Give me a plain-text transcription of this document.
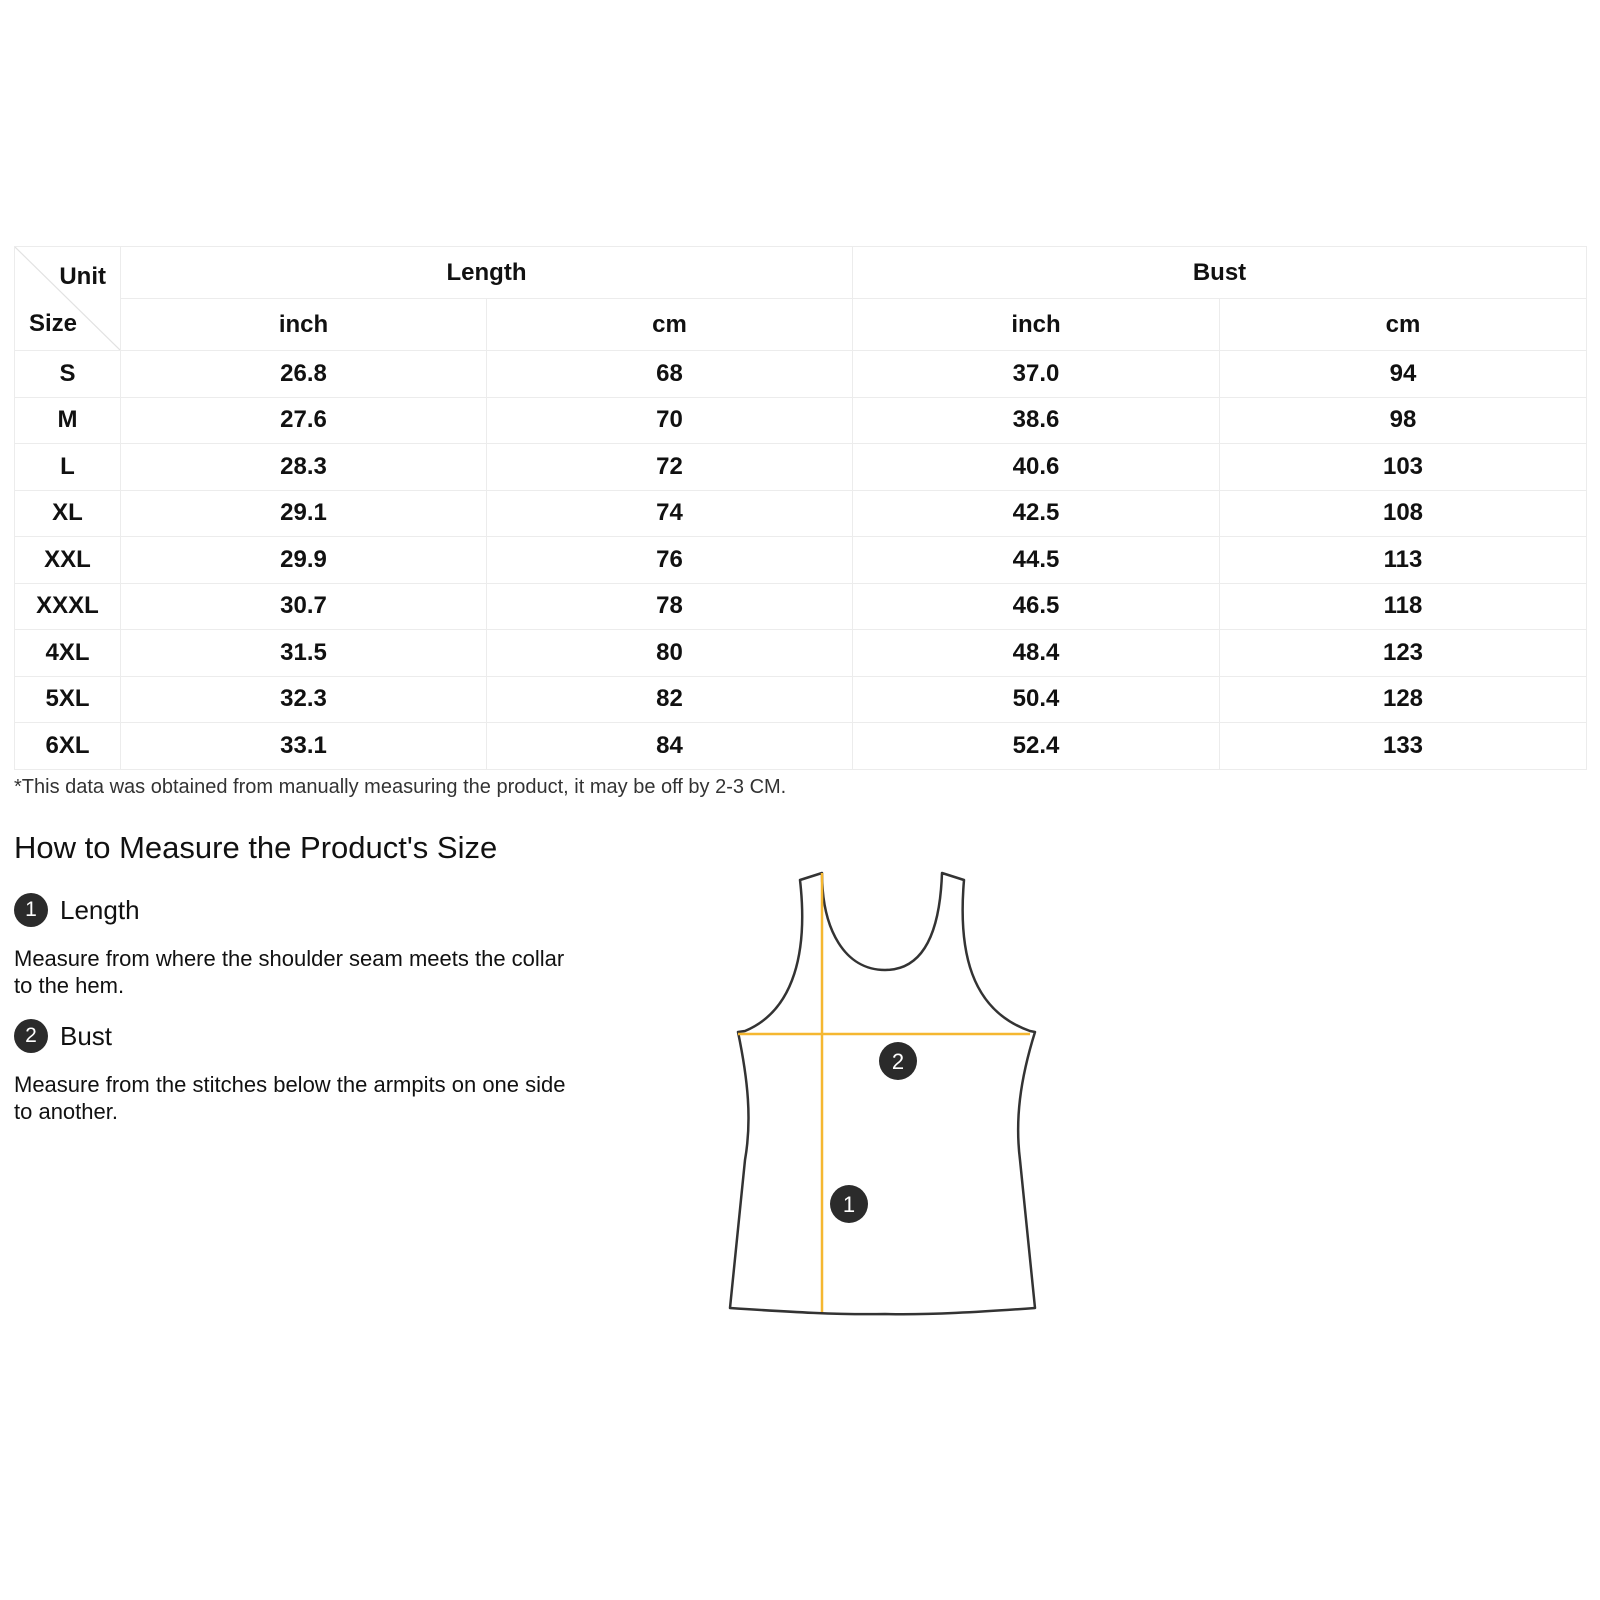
Unit
Size	Length		Bust	
	inch	cm	inch	cm
S	26.8	68	37.0	94
M	27.6	70	38.6	98
L	28.3	72	40.6	103
XL	29.1	74	42.5	108
XXL	29.9	76	44.5	113
XXXL	30.7	78	46.5	118
4XL	31.5	80	48.4	123
5XL	32.3	82	50.4	128
6XL	33.1	84	52.4	133
*This data was obtained from manually measuring the product, it may be off by 2-3 CM.
How to Measure the Product's Size
1 Length
Measure from where the shoulder seam meets the collar to the hem.
2 Bust
Measure from the stitches below the armpits on one side to another.
2
1
